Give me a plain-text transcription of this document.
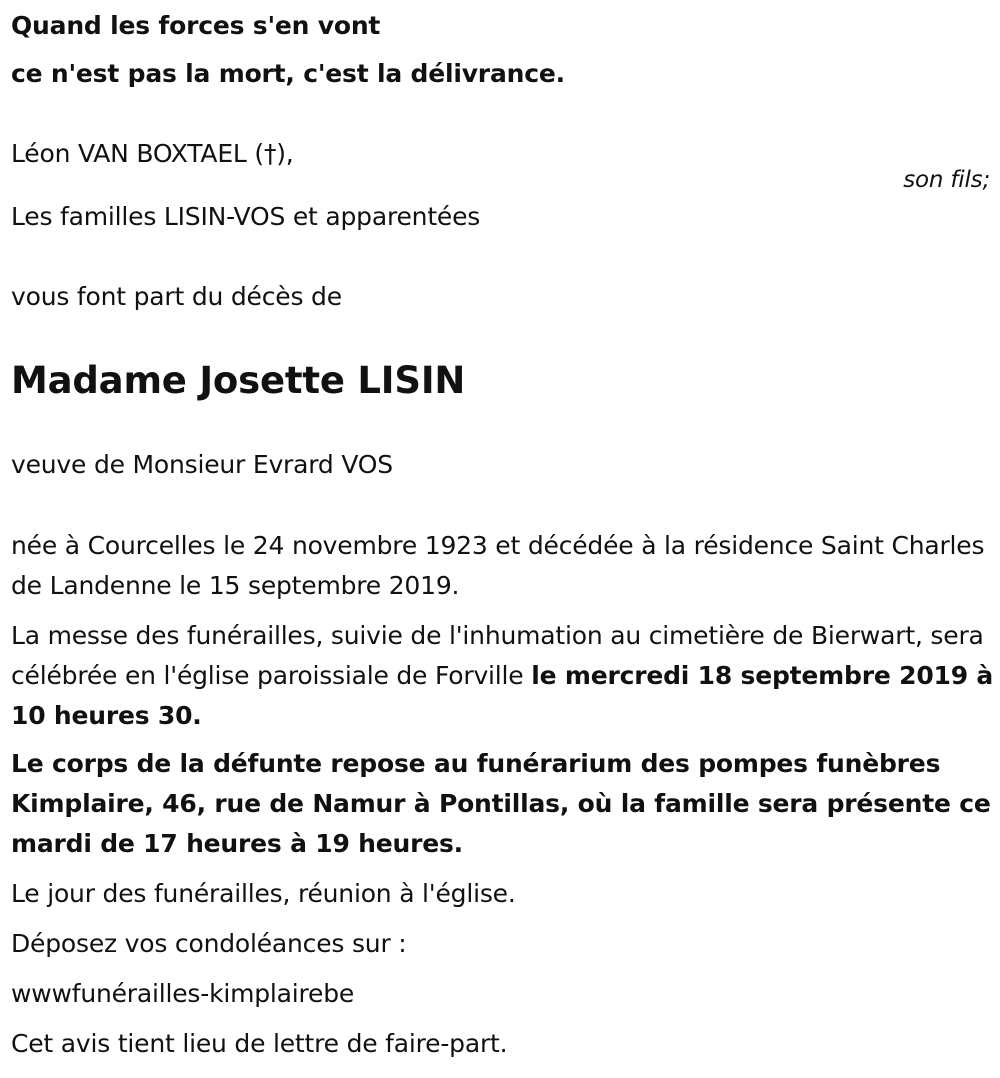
Quand les forces s'en vont
ce n'est pas la mort, c'est la délivrance.
Léon VAN BOXTAEL (†),
son fils;
Les familles LISIN-VOS et apparentées
vous font part du décès de
Madame Josette LISIN
veuve de Monsieur Evrard VOS
née à Courcelles le 24 novembre 1923 et décédée à la résidence Saint Charles de Landenne le 15 septembre 2019.
La messe des funérailles, suivie de l'inhumation au cimetière de Bierwart, sera célébrée en l'église paroissiale de Forville le mercredi 18 septembre 2019 à 10 heures 30.
Le corps de la défunte repose au funérarium des pompes funèbres Kimplaire, 46, rue de Namur à Pontillas, où la famille sera présente ce mardi de 17 heures à 19 heures.
Le jour des funérailles, réunion à l'église.
Déposez vos condoléances sur :
wwwfunérailles-kimplairebe
Cet avis tient lieu de lettre de faire-part.
